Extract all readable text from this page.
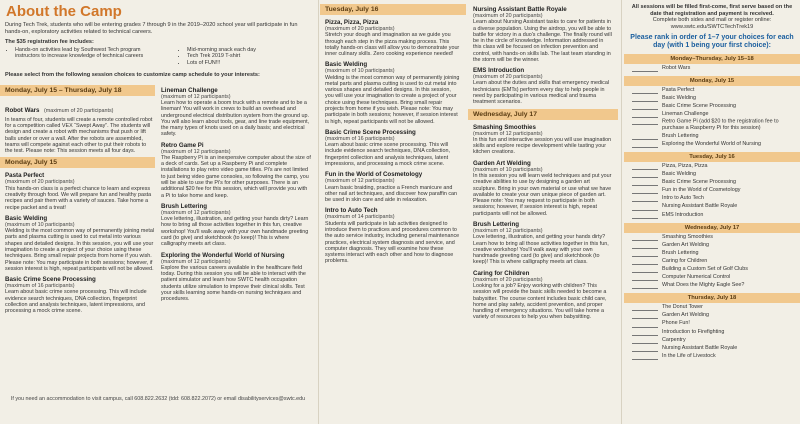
About the Camp
During Tech Trek, students who will be entering grades 7 through 9 in the 2019–2020 school year will participate in fun hands-on, exploratory activities related to technical careers.
The $35 registration fee includes:
• Hands-on activities lead by Southwest Tech program instructors to increase knowledge of technical careers
• Mid-morning snack each day
• Tech Trek 2019 T-shirt
• Lots of FUN!!!
Please select from the following session choices to customize camp schedule to your interests:
Monday, July 15 – Thursday, July 18
Robot Wars (maximum of 20 participants)
In teams of four, students will create a remote controlled robot for a competition called VEX “Swept Away”. The students will design and create a robot with mechanisms that push or lift balls under or over a wall. After the robots are assembled, teams will compete against each other to put their robots to the test. Please note: This session meets all four days.
Monday, July 15
Pasta Perfect
(maximum of 20 participants)
This hands-on class is a perfect chance to learn and express creativity through food. We will prepare fun and healthy pasta recipes and pair them with a variety of sauces. Take home a recipe packet and a treat!
Basic Welding
(maximum of 10 participants)
Welding is the most common way of permanently joining metal parts and plasma cutting is used to cut metal into various shapes and detailed designs. In this session, you will use your imagination to create a project of your choice using these techniques. Bring small repair projects from home if you wish. Please note: You may participate in both sessions; however, if session interest is high, repeat participants will not be allowed.
Basic Crime Scene Processing
(maximum of 16 participants)
Learn about basic crime scene processing. This will include evidence search techniques, DNA collection, fingerprint collection and analysis techniques, latent impressions, and processing a mock crime scene.
Lineman Challenge
(maximum of 12 participants)
Learn how to operate a boom truck with a remote and to be a lineman! You will work in crews to build an overhead and underground electrical distribution system from the ground up. You will also learn about tools, gear, and line trade equipment, the many types of knots used on a daily basis; and electrical safety.
Retro Game Pi
(maximum of 12 participants)
The Raspberry Pi is an inexpensive computer about the size of a deck of cards. Set up a Raspberry Pi and complete installations to play retro video game titles. Pi's are not limited to just being video game consoles, so following the camp, you will be able to use the Pi's for other purposes. There is an additional $20 fee for this session, which will provide you with a Pi to take home and keep.
Brush Lettering
(maximum of 12 participants)
Love lettering, illustration, and getting your hands dirty? Learn how to bring all those activities together in this fun, creative workshop! You'll walk away with your own handmade greeting card (to give) and sketchbook (to keep)! This is where calligraphy meets art class.
Exploring the Wonderful World of Nursing
(maximum of 12 participants)
Explore the various careers available in the healthcare field today. During this session you will be able to interact with the patient simulator and learn how SWTC health occupation students utilize simulation to improve their clinical skills. Test your skills learning some hands-on nursing techniques and procedures.
If you need an accommodation to visit campus, call 608.822.2632 (tdd: 608.822.2072) or email disabilityservices@swtc.edu
Tuesday, July 16
Pizza, Pizza, Pizza
(maximum of 20 participants)
Stretch your dough and imagination as we guide you through each step in the pizza making process. This totally hands-on class will allow you to demonstrate your inner culinary skills. Zero cooking experience needed!
Basic Welding
(maximum of 10 participants)
Welding is the most common way of permanently joining metal parts and plasma cutting is used to cut metal into various shapes and detailed designs. In this session, you will use your imagination to create a project of your choice using these techniques. Bring small repair projects from home if you wish. Please note: You may participate in both sessions; however, if session interest is high, repeat participants will not be allowed.
Basic Crime Scene Processing
(maximum of 16 participants)
Learn about basic crime scene processing. This will include evidence search techniques, DNA collection, fingerprint collection and analysis techniques, latent impressions, and processing a mock crime scene.
Fun in the World of Cosmetology
(maximum of 12 participants)
Learn basic braiding, practice a French manicure and other nail art techniques, and discover how paraffin can be used in skin care and aide in relaxation.
Intro to Auto Tech
(maximum of 14 participants)
Students will participate in lab activities designed to introduce them to practices and procedures common to the auto service industry, including general maintenance practices, electrical system diagnosis and service, and computer diagnosis. They will examine how these systems interact with each other and how to diagnose problems.
Nursing Assistant Battle Royale
(maximum of 20 participants)
Learn about Nursing Assistant tasks to care for patients in a diverse population. Using the airdrop, you will be able to battle for victory in a duo's challenge. The finally round will be in the circle of knowledge. Information addressed in this class will be focused on infection prevention and control, with hands-on skills lab. The last team standing in the storm will be the winner.
EMS Introduction
(maximum of 20 participants)
Learn about the duties and skills that emergency medical technicians (EMTs) perform every day to help people in need by participating in various medical and trauma treatment scenarios.
Wednesday, July 17
Smashing Smoothies
(maximum of 12 participants)
In this fun and interactive session you will use imagination skills and explore recipe development while tasting your kitchen creations.
Garden Art Welding
(maximum of 10 participants)
In this session you will learn weld techniques and put your creative abilities to use by designing a garden art sculpture. Bring in your own material or use what we have available to create your own unique piece of garden art. Please note: You may request to participate in both sessions; however, if session interest is high, repeat participants will not be allowed.
Brush Lettering
(maximum of 12 participants)
Love lettering, illustration, and getting your hands dirty? Learn how to bring all those activities together in this fun, creative workshop! You'll walk away with your own handmade greeting card (to give) and sketchbook (to keep)! This is where calligraphy meets art class.
Caring for Children
(maximum of 20 participants)
Looking for a job? Enjoy working with children? This session will provide the basic skills needed to become a babysitter. The course content includes basic child care, home and play safety, accident prevention, and proper handling of emergency situations. You will take home a variety of resources to help you when babysitting.
All sessions will be filled first-come, first serve based on the date that registration and payment is received.
Complete both sides and mail or register online: www.swtc.edu/SWTCTechTrek19
Please rank in order of 1–7 your choices for each day (with 1 being your first choice):
Monday–Thursday, July 15–18
Robot Wars
Monday, July 15
Pasta Perfect
Basic Welding
Basic Crime Scene Processing
Lineman Challenge
Retro Game Pi (add $20 to the registration fee to purchase a Raspberry Pi for this session)
Brush Lettering
Exploring the Wonderful World of Nursing
Tuesday, July 16
Pizza, Pizza, Pizza
Basic Welding
Basic Crime Scene Processing
Fun in the World of Cosmetology
Intro to Auto Tech
Nursing Assistant Battle Royale
EMS Introduction
Wednesday, July 17
Smashing Smoothies
Garden Art Welding
Brush Lettering
Caring for Children
Building a Custom Set of Golf Clubs
Computer Numerical Control
What Does the Mighty Eagle See?
Thursday, July 18
The Donut Tower
Garden Art Welding
Phone Fun!
Introduction to Firefighting
Carpentry
Nursing Assistant Battle Royale
In the Life of Livestock
